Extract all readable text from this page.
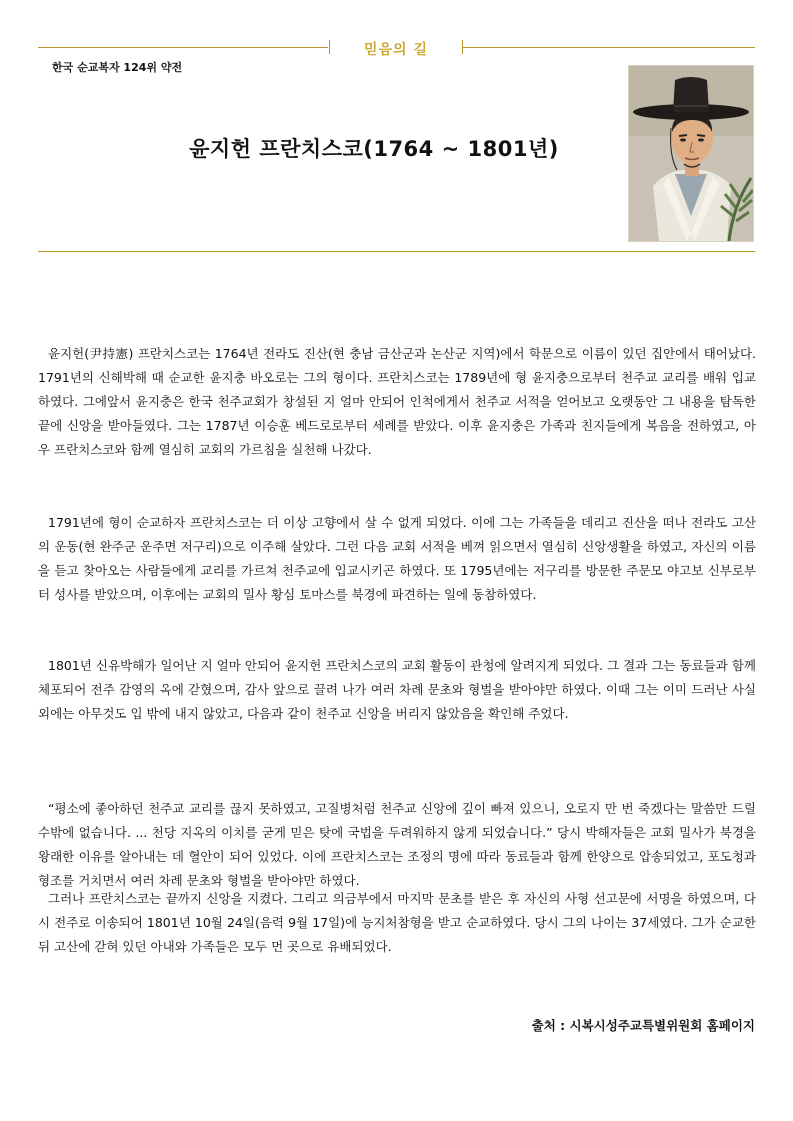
믿음의 길
한국 순교복자 124위 약전
윤지헌 프란치스코(1764 ~ 1801년)

윤지헌(尹持憲) 프란치스코는 1764년 전라도 진산(현 충남 금산군과 논산군 지역)에서 학문으로 이름이 있던 집안에서 태어났다. 1791년의 신해박해 때 순교한 윤지충 바오로는 그의 형이다. 프란치스코는 1789년에 형 윤지충으로부터 천주교 교리를 배워 입교하였다. 그에앞서 윤지충은 한국 천주교회가 창설된 지 얼마 안되어 인척에게서 천주교 서적을 얻어보고 오랫동안 그 내용을 탐독한 끝에 신앙을 받아들였다. 그는 1787년 이승훈 베드로로부터 세례를 받았다. 이후 윤지충은 가족과 친지들에게 복음을 전하였고, 아우 프란치스코와 함께 열심히 교회의 가르침을 실천해 나갔다.

1791년에 형이 순교하자 프란치스코는 더 이상 고향에서 살 수 없게 되었다. 이에 그는 가족들을 데리고 진산을 떠나 전라도 고산의 운동(현 완주군 운주면 저구리)으로 이주해 살았다. 그런 다음 교회 서적을 베껴 읽으면서 열심히 신앙생활을 하였고, 자신의 이름을 듣고 찾아오는 사람들에게 교리를 가르쳐 천주교에 입교시키곤 하였다. 또 1795년에는 저구리를 방문한 주문모 야고보 신부로부터 성사를 받았으며, 이후에는 교회의 밀사 황심 토마스를 북경에 파견하는 일에 동참하였다.

1801년 신유박해가 일어난 지 얼마 안되어 윤지헌 프란치스코의 교회 활동이 관청에 알려지게 되었다. 그 결과 그는 동료들과 함께 체포되어 전주 감영의 옥에 갇혔으며, 감사 앞으로 끌려 나가 여러 차례 문초와 형벌을 받아야만 하였다. 이때 그는 이미 드러난 사실 외에는 아무것도 입 밖에 내지 않았고, 다음과 같이 천주교 신앙을 버리지 않았음을 확인해 주었다.

“평소에 좋아하던 천주교 교리를 끊지 못하였고, 고질병처럼 천주교 신앙에 깊이 빠져 있으니, 오로지 만 번 죽겠다는 말씀만 드릴 수밖에 없습니다. ... 천당 지옥의 이치를 굳게 믿은 탓에 국법을 두려워하지 않게 되었습니다.” 당시 박해자들은 교회 밀사가 북경을 왕래한 이유를 알아내는 데 혈안이 되어 있었다. 이에 프란치스코는 조정의 명에 따라 동료들과 함께 한양으로 압송되었고, 포도청과 형조를 거치면서 여러 차례 문초와 형벌을 받아야만 하였다.

그러나 프란치스코는 끝까지 신앙을 지켰다. 그리고 의금부에서 마지막 문초를 받은 후 자신의 사형 선고문에 서명을 하였으며, 다시 전주로 이송되어 1801년 10월 24일(음력 9월 17일)에 능지처참형을 받고 순교하였다. 당시 그의 나이는 37세였다. 그가 순교한 뒤 고산에 갇혀 있던 아내와 가족들은 모두 먼 곳으로 유배되었다.

출처 : 시복시성주교특별위원회 홈페이지
